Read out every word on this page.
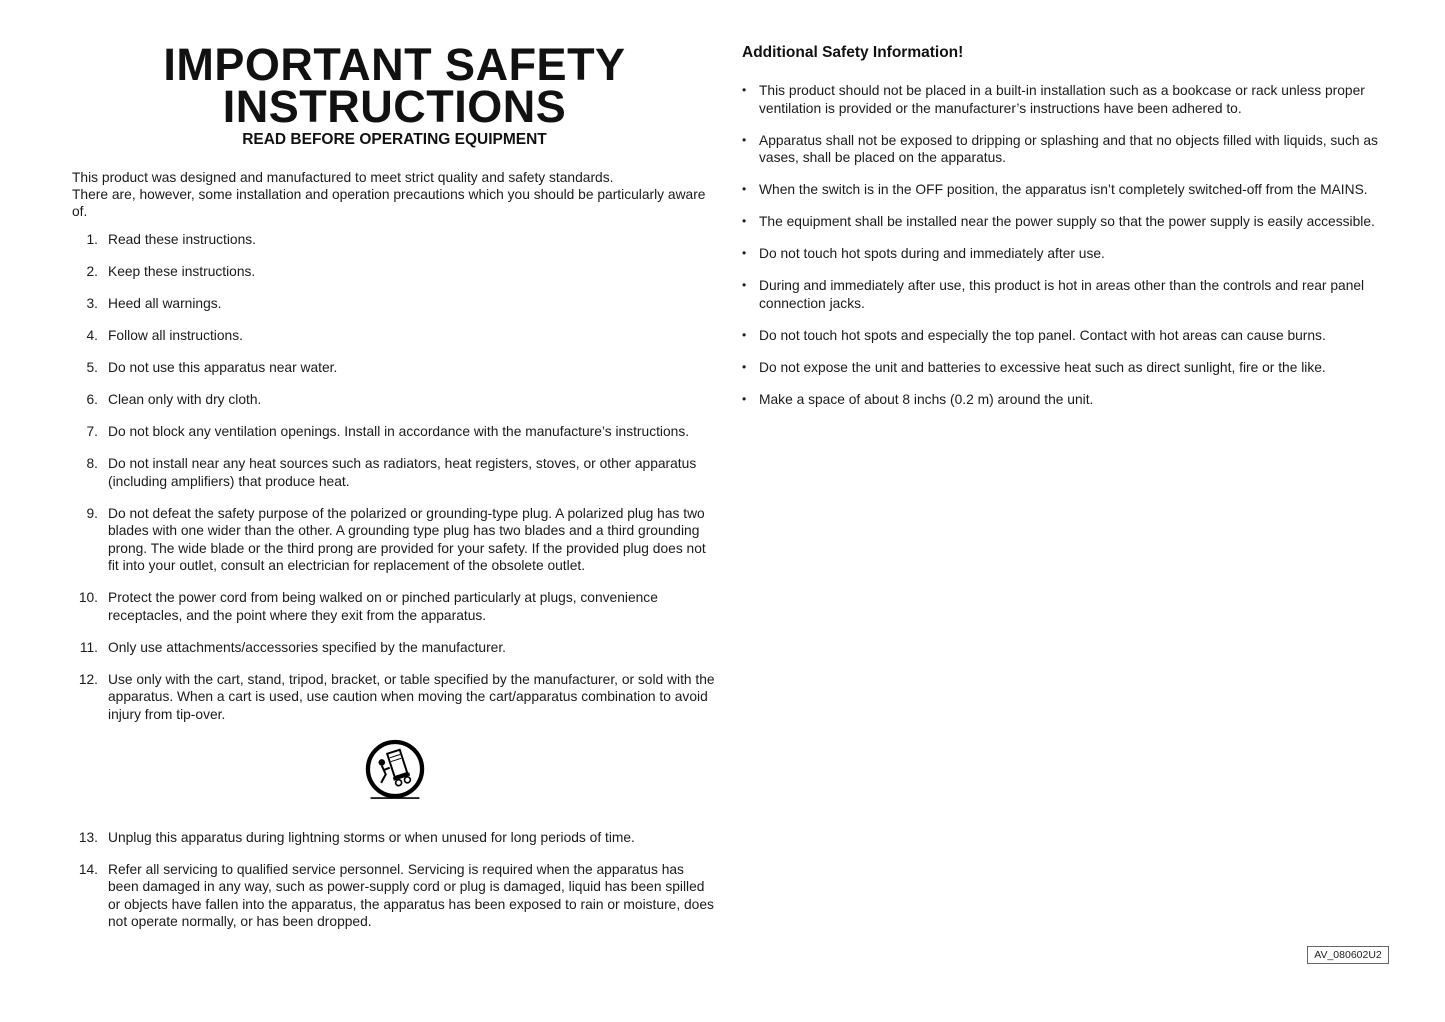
IMPORTANT SAFETY
INSTRUCTIONS
READ BEFORE OPERATING EQUIPMENT
This product was designed and manufactured to meet strict quality and safety standards.
There are, however, some installation and operation precautions which you should be particularly aware of.
1. Read these instructions.
2. Keep these instructions.
3. Heed all warnings.
4. Follow all instructions.
5. Do not use this apparatus near water.
6. Clean only with dry cloth.
7. Do not block any ventilation openings. Install in accordance with the manufacture’s instructions.
8. Do not install near any heat sources such as radiators, heat registers, stoves, or other apparatus (including amplifiers) that produce heat.
9. Do not defeat the safety purpose of the polarized or grounding-type plug. A polarized plug has two blades with one wider than the other. A grounding type plug has two blades and a third grounding prong. The wide blade or the third prong are provided for your safety. If the provided plug does not fit into your outlet, consult an electrician for replacement of the obsolete outlet.
10. Protect the power cord from being walked on or pinched particularly at plugs, convenience receptacles, and the point where they exit from the apparatus.
11. Only use attachments/accessories specified by the manufacturer.
12. Use only with the cart, stand, tripod, bracket, or table specified by the manufacturer, or sold with the apparatus. When a cart is used, use caution when moving the cart/apparatus combination to avoid injury from tip-over.
13. Unplug this apparatus during lightning storms or when unused for long periods of time.
14. Refer all servicing to qualified service personnel. Servicing is required when the apparatus has been damaged in any way, such as power-supply cord or plug is damaged, liquid has been spilled or objects have fallen into the apparatus, the apparatus has been exposed to rain or moisture, does not operate normally, or has been dropped.
Additional Safety Information!
• This product should not be placed in a built-in installation such as a bookcase or rack unless proper ventilation is provided or the manufacturer’s instructions have been adhered to.
• Apparatus shall not be exposed to dripping or splashing and that no objects filled with liquids, such as vases, shall be placed on the apparatus.
• When the switch is in the OFF position, the apparatus isn’t completely switched-off from the MAINS.
• The equipment shall be installed near the power supply so that the power supply is easily accessible.
• Do not touch hot spots during and immediately after use.
• During and immediately after use, this product is hot in areas other than the controls and rear panel connection jacks.
• Do not touch hot spots and especially the top panel. Contact with hot areas can cause burns.
• Do not expose the unit and batteries to excessive heat such as direct sunlight, fire or the like.
• Make a space of about 8 inchs (0.2 m) around the unit.
AV_080602U2
